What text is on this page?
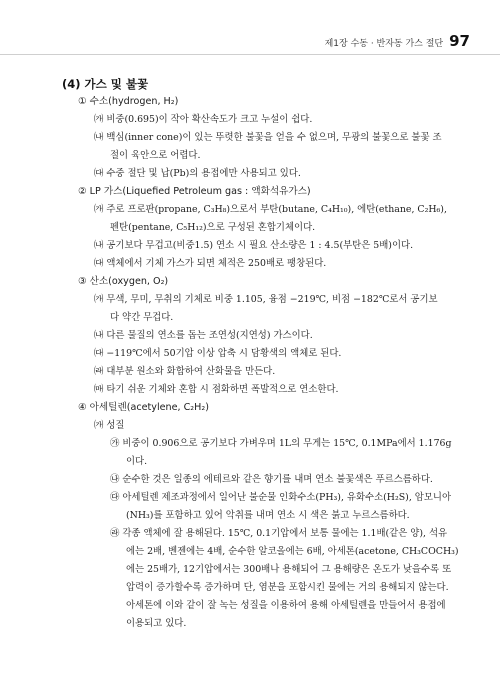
제1장 수동 · 반자동 가스 절단 97
(4) 가스 및 불꽃
① 수소(hydrogen, H₂)
㈎ 비중(0.695)이 작아 확산속도가 크고 누설이 쉽다.
㈏ 백심(inner cone)이 있는 뚜렷한 불꽃을 얻을 수 없으며, 무광의 불꽃으로 불꽃 조
절이 육안으로 어렵다.
㈐ 수중 절단 및 납(Pb)의 용접에만 사용되고 있다.
② LP 가스(Liquefied Petroleum gas : 액화석유가스)
㈎ 주로 프로판(propane, C₃H₈)으로서 부탄(butane, C₄H₁₀), 에탄(ethane, C₂H₆),
펜탄(pentane, C₅H₁₂)으로 구성된 혼합기체이다.
㈏ 공기보다 무겁고(비중1.5) 연소 시 필요 산소량은 1 : 4.5(부탄은 5배)이다.
㈐ 액체에서 기체 가스가 되면 체적은 250배로 팽창된다.
③ 산소(oxygen, O₂)
㈎ 무색, 무미, 무취의 기체로 비중 1.105, 융점 −219℃, 비점 −182℃로서 공기보
다 약간 무겁다.
㈏ 다른 물질의 연소를 돕는 조연성(지연성) 가스이다.
㈐ −119℃에서 50기압 이상 압축 시 담황색의 액체로 된다.
㈑ 대부분 원소와 화합하여 산화물을 만든다.
㈒ 타기 쉬운 기체와 혼합 시 점화하면 폭발적으로 연소한다.
④ 아세틸렌(acetylene, C₂H₂)
㈎ 성질
㉮ 비중이 0.906으로 공기보다 가벼우며 1L의 무게는 15℃, 0.1MPa에서 1.176g
이다.
㉯ 순수한 것은 일종의 에테르와 같은 향기를 내며 연소 불꽃색은 푸르스름하다.
㉰ 아세틸렌 제조과정에서 일어난 불순물 인화수소(PH₃), 유화수소(H₂S), 암모니아
(NH₃)를 포함하고 있어 악취를 내며 연소 시 색은 붉고 누르스름하다.
㉱ 각종 액체에 잘 용해된다. 15℃, 0.1기압에서 보통 물에는 1.1배(같은 양), 석유
에는 2배, 벤젠에는 4배, 순수한 알코올에는 6배, 아세톤(acetone, CH₃COCH₃)
에는 25배가, 12기압에서는 300배나 용해되어 그 용해량은 온도가 낮을수록 또
압력이 증가할수록 증가하며 단, 염분을 포함시킨 물에는 거의 용해되지 않는다.
아세톤에 이와 같이 잘 녹는 성질을 이용하여 용해 아세틸렌을 만들어서 용접에
이용되고 있다.
